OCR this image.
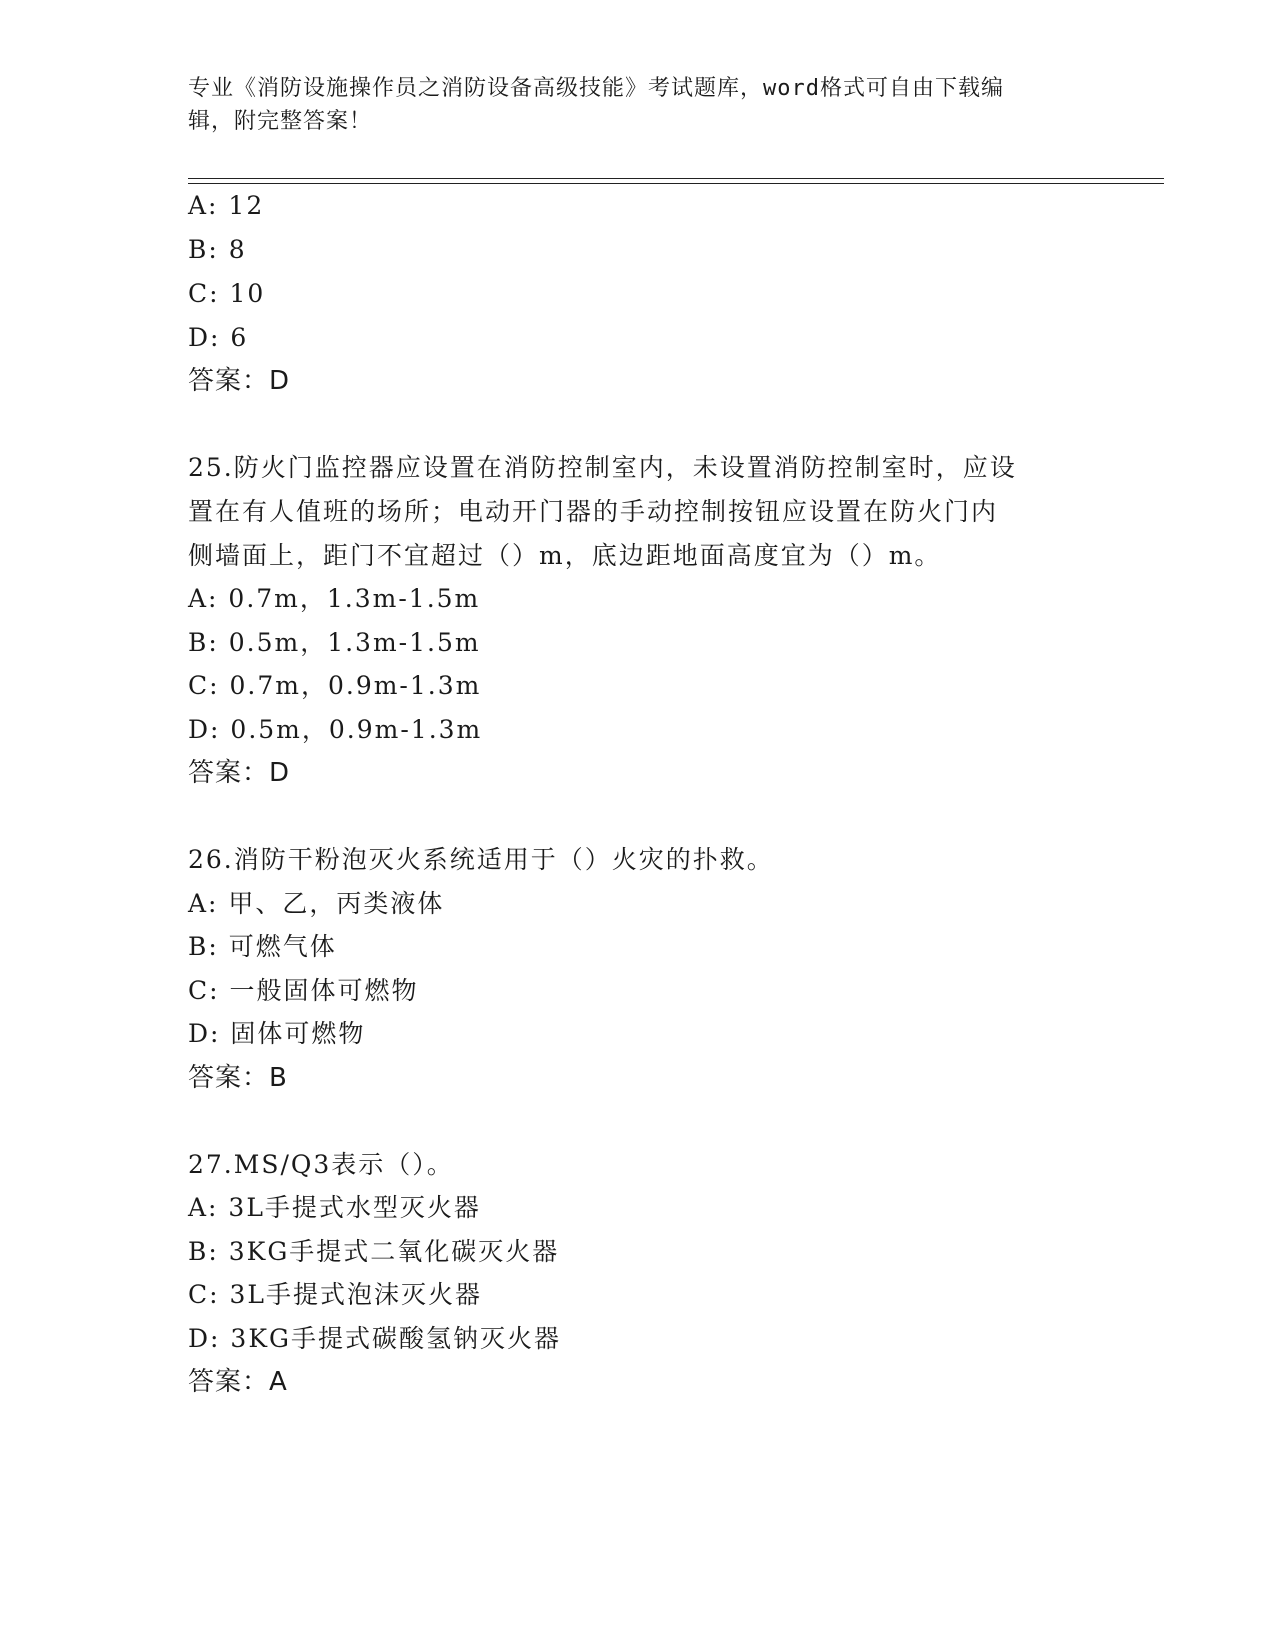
专业《消防设施操作员之消防设备高级技能》考试题库，word格式可自由下载编
辑，附完整答案！
A: 12
B: 8
C: 10
D: 6
答案：D
25.防火门监控器应设置在消防控制室内，未设置消防控制室时，应设
置在有人值班的场所；电动开门器的手动控制按钮应设置在防火门内
侧墙面上，距门不宜超过（）m，底边距地面高度宜为（）m。
A: 0.7m，1.3m-1.5m
B: 0.5m，1.3m-1.5m
C: 0.7m，0.9m-1.3m
D: 0.5m，0.9m-1.3m
答案：D
26.消防干粉泡灭火系统适用于（）火灾的扑救。
A: 甲、乙，丙类液体
B: 可燃气体
C: 一般固体可燃物
D: 固体可燃物
答案：B
27.MS/Q3表示（）。
A: 3L手提式水型灭火器
B: 3KG手提式二氧化碳灭火器
C: 3L手提式泡沫灭火器
D: 3KG手提式碳酸氢钠灭火器
答案：A
